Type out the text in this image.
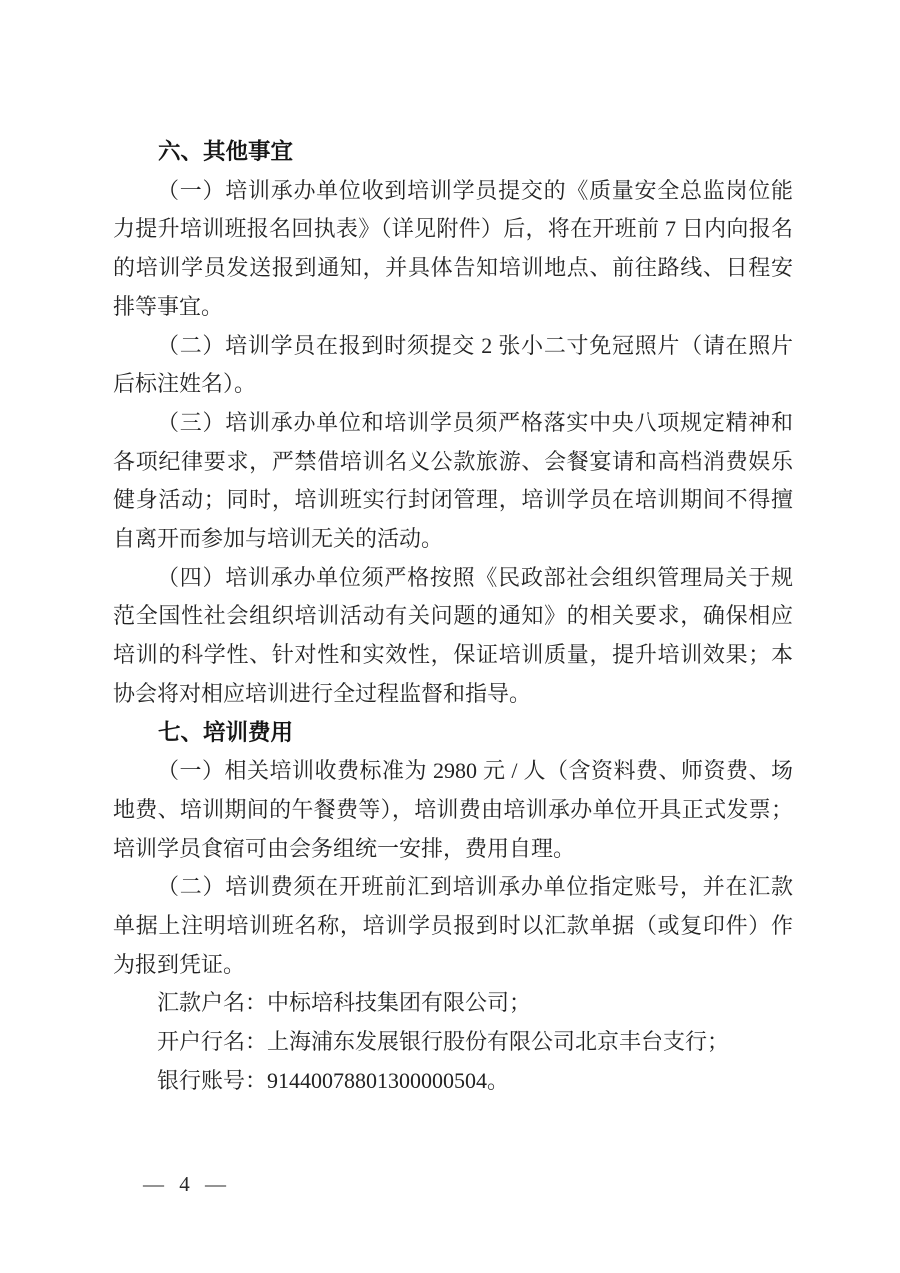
六、其他事宜

（一）培训承办单位收到培训学员提交的《质量安全总监岗位能力提升培训班报名回执表》（详见附件）后，将在开班前 7 日内向报名的培训学员发送报到通知，并具体告知培训地点、前往路线、日程安排等事宜。

（二）培训学员在报到时须提交 2 张小二寸免冠照片（请在照片后标注姓名）。

（三）培训承办单位和培训学员须严格落实中央八项规定精神和各项纪律要求，严禁借培训名义公款旅游、会餐宴请和高档消费娱乐健身活动；同时，培训班实行封闭管理，培训学员在培训期间不得擅自离开而参加与培训无关的活动。

（四）培训承办单位须严格按照《民政部社会组织管理局关于规范全国性社会组织培训活动有关问题的通知》的相关要求，确保相应培训的科学性、针对性和实效性，保证培训质量，提升培训效果；本协会将对相应培训进行全过程监督和指导。

七、培训费用

（一）相关培训收费标准为 2980 元 / 人（含资料费、师资费、场地费、培训期间的午餐费等），培训费由培训承办单位开具正式发票；培训学员食宿可由会务组统一安排，费用自理。

（二）培训费须在开班前汇到培训承办单位指定账号，并在汇款单据上注明培训班名称，培训学员报到时以汇款单据（或复印件）作为报到凭证。

汇款户名：中标培科技集团有限公司；

开户行名：上海浦东发展银行股份有限公司北京丰台支行；

银行账号：91440078801300000504。

— 4 —
